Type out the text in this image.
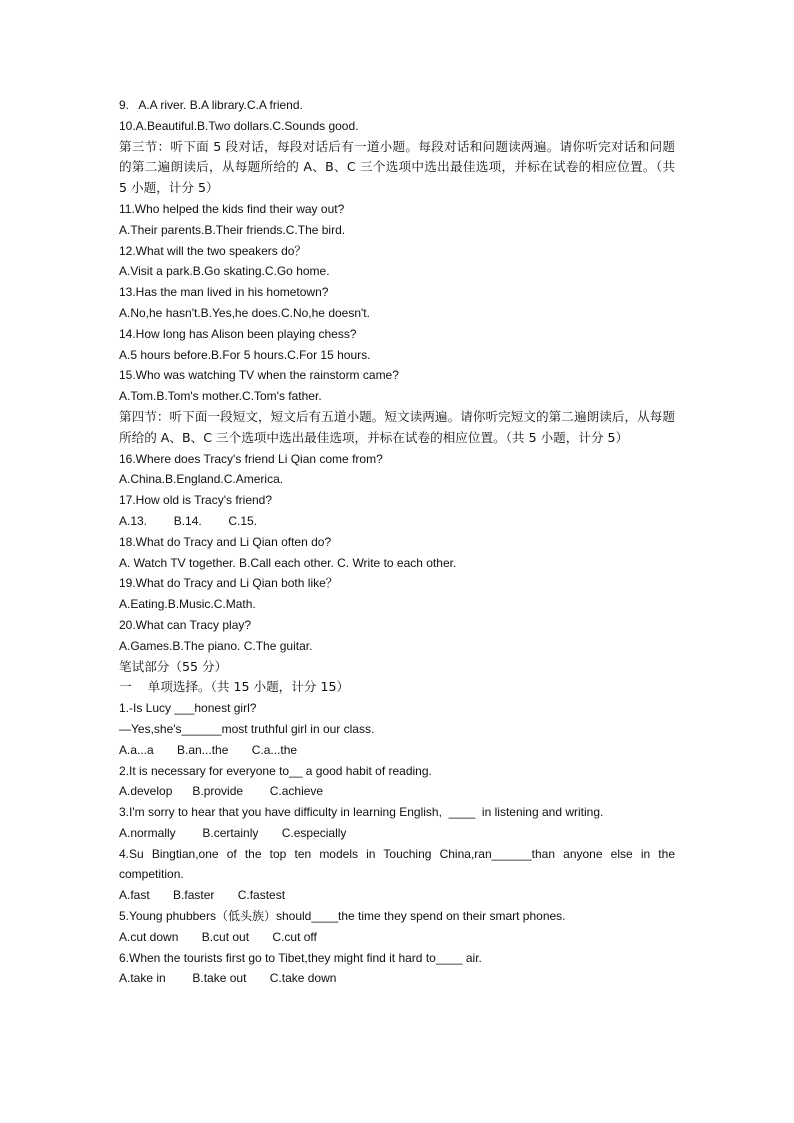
9.   A.A river. B.A library.C.A friend.
10.A.Beautiful.B.Two dollars.C.Sounds good.
第三节：听下面 5 段对话，每段对话后有一道小题。每段对话和问题读两遍。请你听完对话和问题的第二遍朗读后，从每题所给的 A、B、C 三个选项中选出最佳选项，并标在试卷的相应位置。（共 5 小题，计分 5）
11.Who helped the kids find their way out?
A.Their parents.B.Their friends.C.The bird.
12.What will the two speakers do？
A.Visit a park.B.Go skating.C.Go home.
13.Has the man lived in his hometown?
A.No,he hasn't.B.Yes,he does.C.No,he doesn't.
14.How long has Alison been playing chess?
A.5 hours before.B.For 5 hours.C.For 15 hours.
15.Who was watching TV when the rainstorm came?
A.Tom.B.Tom's mother.C.Tom's father.
第四节：听下面一段短文，短文后有五道小题。短文读两遍。请你听完短文的第二遍朗读后，从每题所给的 A、B、C 三个选项中选出最佳选项，并标在试卷的相应位置。（共 5 小题，计分 5）
16.Where does Tracy's friend Li Qian come from?
A.China.B.England.C.America.
17.How old is Tracy's friend?
A.13.        B.14.        C.15.
18.What do Tracy and Li Qian often do?
A. Watch TV together. B.Call each other. C. Write to each other.
19.What do Tracy and Li Qian both like？
A.Eating.B.Music.C.Math.
20.What can Tracy play?
A.Games.B.The piano. C.The guitar.
笔试部分（55 分）
一    单项选择。（共 15 小题，计分 15）
1.-Is Lucy ___honest girl?
—Yes,she's______most truthful girl in our class.
A.a...a       B.an...the       C.a...the
2.It is necessary for everyone to__ a good habit of reading.
A.develop      B.provide        C.achieve
3.I'm sorry to hear that you have difficulty in learning English,  ____  in listening and writing.
A.normally        B.certainly       C.especially
4.Su Bingtian,one of the top ten models in Touching China,ran______than anyone else in the
competition.
A.fast       B.faster       C.fastest
5.Young phubbers（低头族）should____the time they spend on their smart phones.
A.cut down       B.cut out       C.cut off
6.When the tourists first go to Tibet,they might find it hard to____ air.
A.take in        B.take out       C.take down
